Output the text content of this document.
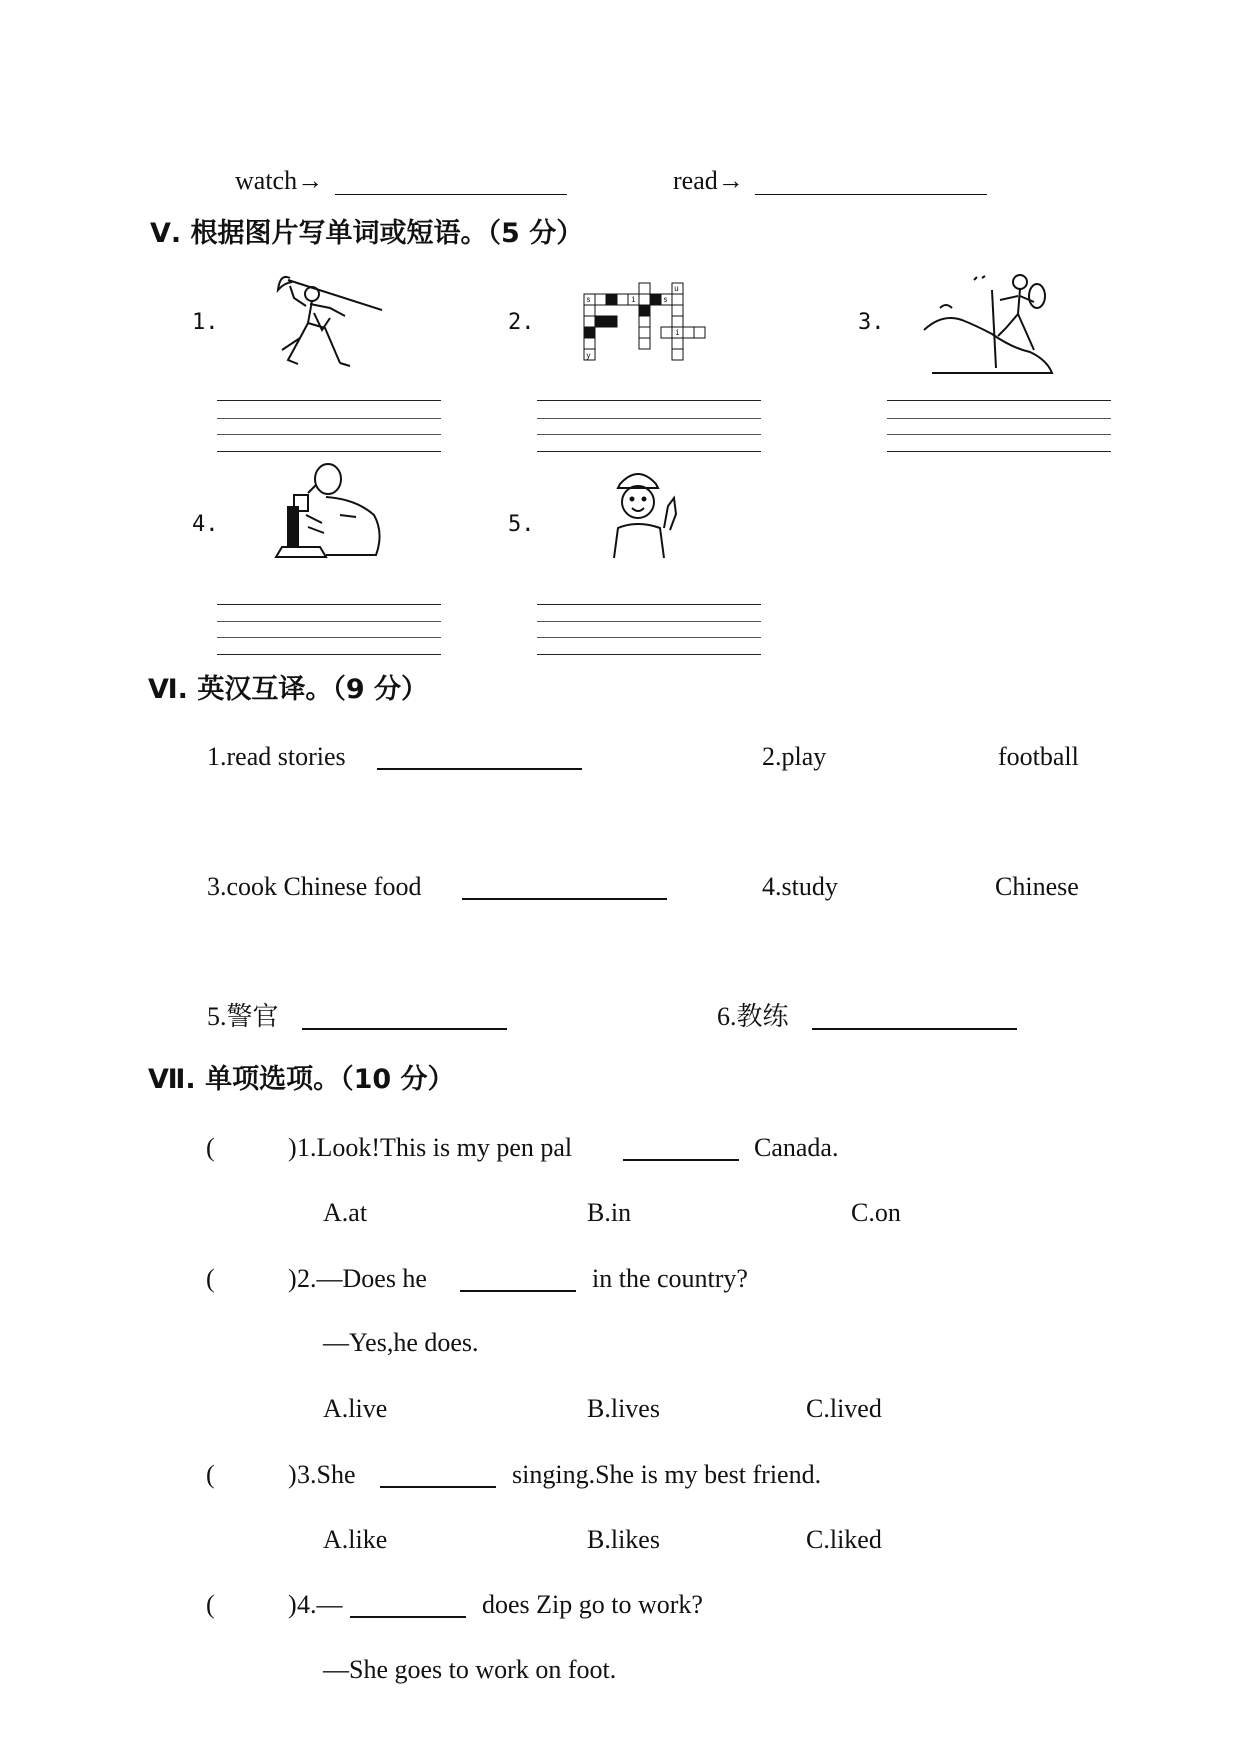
watch→	read→
Ⅴ. 根据图片写单词或短语。（5 分）
1.	2.	3.
4.	5.
s	i	s
u
i
y
Ⅵ. 英汉互译。（9 分）
1.read stories	2.play	football
3.cook Chinese food	4.study	Chinese
5.警官	6.教练
Ⅶ. 单项选项。（10 分）
(	) 1.Look!This is my pen pal	Canada.
A.at	B.in	C.on
(	) 2.—Does he	in the country?
—Yes,he does.
A.live	B.lives	C.lived
(	) 3.She	singing.She is my best friend.
A.like	B.likes	C.liked
(	) 4.—	does Zip go to work?
—She goes to work on foot.
